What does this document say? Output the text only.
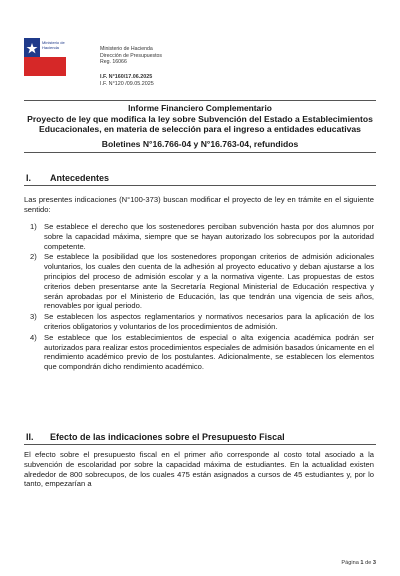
Ministerio de
Hacienda	Ministerio de Hacienda
Dirección de Presupuestos
Reg. 16066
I.F. N°160/17.06.2025
I.F. N°120 /09.05.2025
Informe Financiero Complementario
Proyecto de ley que modifica la ley sobre Subvención del Estado a Establecimientos Educacionales, en materia de selección para el ingreso a entidades educativas
Boletines N°16.766-04 y N°16.763-04, refundidos
I. Antecedentes

Las presentes indicaciones (N°100-373) buscan modificar el proyecto de ley en trámite en el siguiente sentido:

1) Se establece el derecho que los sostenedores perciban subvención hasta por dos alumnos por sobre la capacidad máxima, siempre que se hayan autorizado los sobrecupos por la autoridad competente.
2) Se establece la posibilidad que los sostenedores propongan criterios de admisión adicionales voluntarios, los cuales den cuenta de la adhesión al proyecto educativo y deban ajustarse a los principios del proceso de admisión escolar y a la normativa vigente. Las propuestas de estos criterios deben presentarse ante la Secretaría Regional Ministerial de Educación respectiva y serán aprobadas por el Ministerio de Educación, las que tendrán una vigencia de seis años, renovables por igual periodo.
3) Se establecen los aspectos reglamentarios y normativos necesarios para la aplicación de los criterios obligatorios y voluntarios de los procedimientos de admisión.
4) Se establece que los establecimientos de especial o alta exigencia académica podrán ser autorizados para realizar estos procedimientos especiales de admisión basados únicamente en el rendimiento académico previo de los postulantes. Adicionalmente, se establecen los elementos que compondrán dicho rendimiento académico.
II. Efecto de las indicaciones sobre el Presupuesto Fiscal

El efecto sobre el presupuesto fiscal en el primer año corresponde al costo total asociado a la subvención de escolaridad por sobre la capacidad máxima de estudiantes. En la actualidad existen alrededor de 800 sobrecupos, de los cuales 475 están asignados a cursos de 45 estudiantes y, por lo tanto, empezarían a

Página 1 de 3
